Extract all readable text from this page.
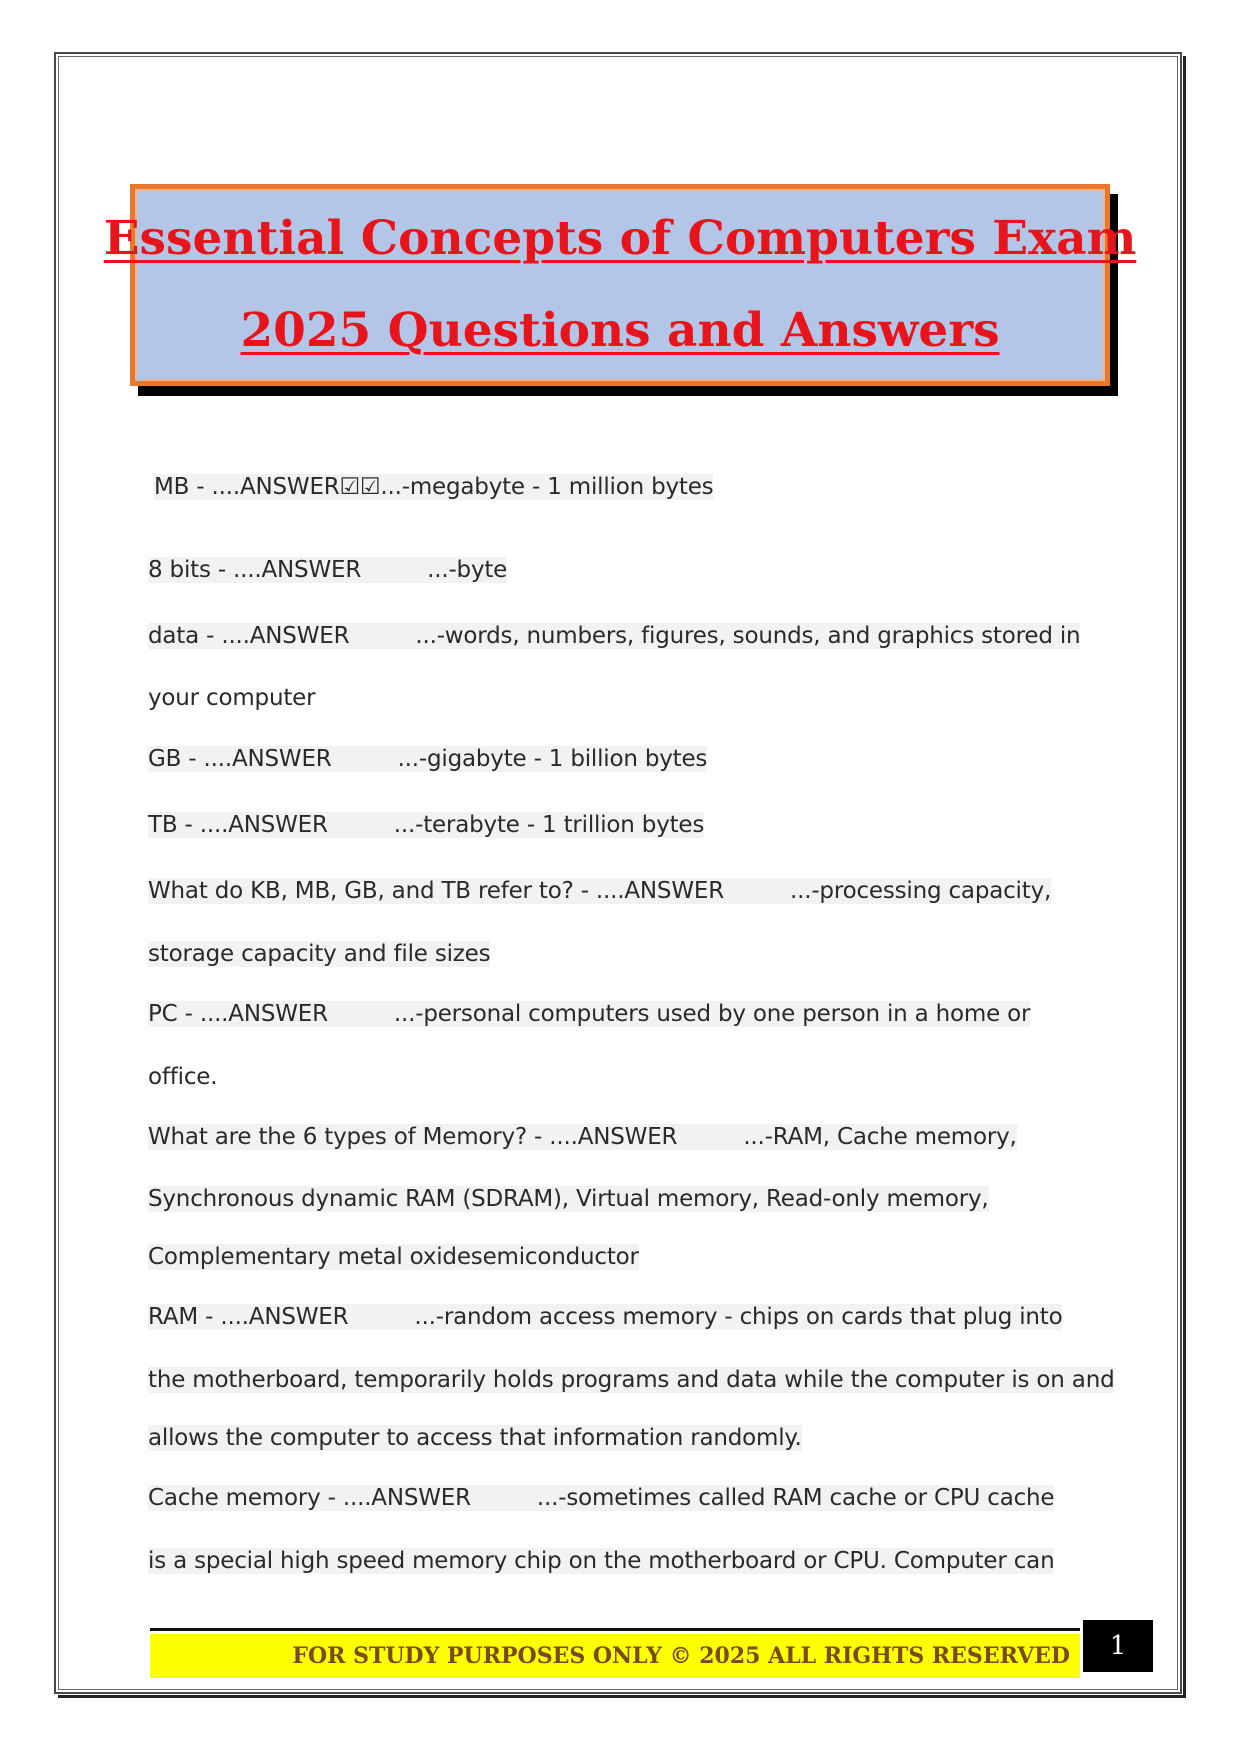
Essential Concepts of Computers Exam
2025 Questions and Answers
MB - ....ANSWER☑☑...-megabyte - 1 million bytes
8 bits - ....ANSWER	...-byte
data - ....ANSWER	...-words, numbers, figures, sounds, and graphics stored in
your computer
GB - ....ANSWER	...-gigabyte - 1 billion bytes
TB - ....ANSWER	...-terabyte - 1 trillion bytes
What do KB, MB, GB, and TB refer to? - ....ANSWER	...-processing capacity,
storage capacity and file sizes
PC - ....ANSWER	...-personal computers used by one person in a home or
office.
What are the 6 types of Memory? - ....ANSWER	...-RAM, Cache memory,
Synchronous dynamic RAM (SDRAM), Virtual memory, Read-only memory,
Complementary metal oxidesemiconductor
RAM - ....ANSWER	...-random access memory - chips on cards that plug into
the motherboard, temporarily holds programs and data while the computer is on and
allows the computer to access that information randomly.
Cache memory - ....ANSWER	...-sometimes called RAM cache or CPU cache
is a special high speed memory chip on the motherboard or CPU. Computer can
FOR STUDY PURPOSES ONLY © 2025 ALL RIGHTS RESERVED	1
